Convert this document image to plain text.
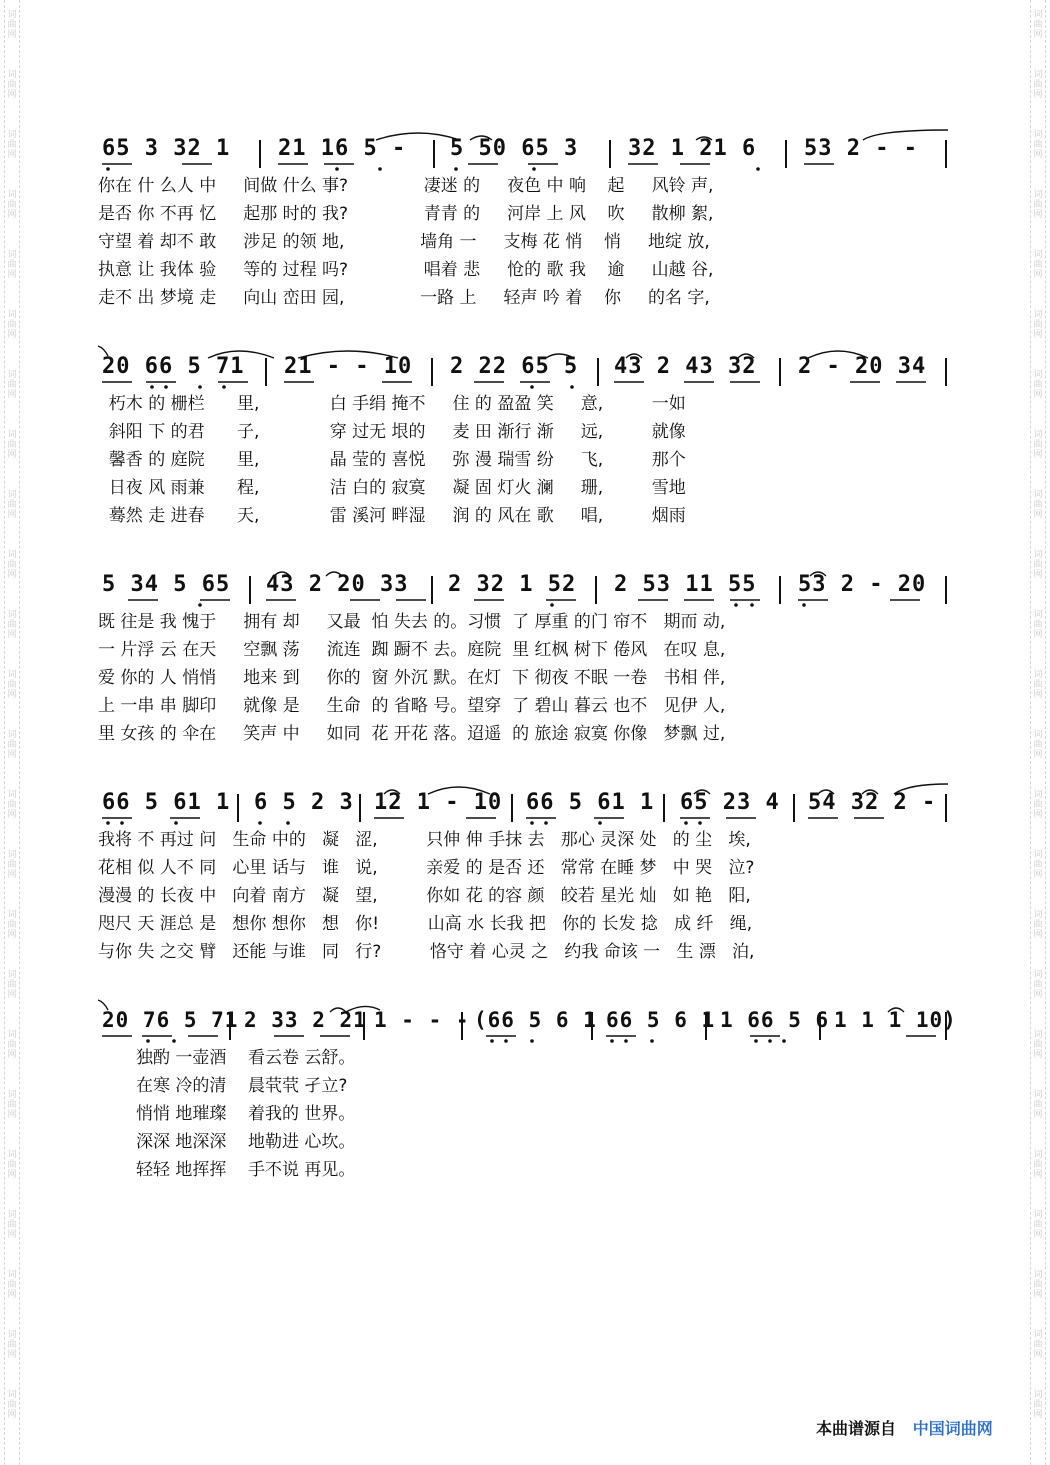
词
曲
网
词
曲
网
词
曲
网
词
曲
网
词
曲
网
词
曲
网
词
曲
网
词
曲
网
词
曲
网
词
曲
网
词
曲
网
词
曲
网
词
曲
网
词
曲
网
词
曲
网
词
曲
网
词
曲
网
词
曲
网
词
曲
网
词
曲
网
词
曲
网
词
曲
网
词
曲
网
词
曲
网
词
曲
网
词
曲
网
词
曲
网
词
曲
网
词
曲
网
词
曲
网
词
曲
网
词
曲
网
词
曲
网
词
曲
网
词
曲
网
词
曲
网
词
曲
网
词
曲
网
词
曲
网
词
曲
网
词
曲
网
词
曲
网
词
曲
网
词
曲
网
词
曲
网
词
曲
网
词
曲
网
词
曲
网

65 3 32 1

21 16 5 -

5 50 65 3

32 1 21 6

53 2 - -

你在 什 么人 中     间做 什么 事?              凄迷 的     夜色 中 响    起     风铃 声,
是否 你 不再 忆     起那 时的 我?              青青 的     河岸 上 风    吹     散柳 絮,
守望 着 却不 敢     涉足 的领 地,              墙角 一     支梅 花 悄    悄     地绽 放,
执意 让 我体 验     等的 过程 吗?              唱着 悲     怆的 歌 我    逾     山越 谷,
走不 出 梦境 走     向山 峦田 园,              一路 上     轻声 吟 着    你     的名 字,

20 66 5 71

21 - - 10

2 22 65 5

43 2 43 32

2 - 20 34

朽木 的 栅栏      里,             白 手绢 掩不     住 的 盈盈 笑     意,         一如
斜阳 下 的君      子,             穿 过无 垠的     麦 田 渐行 渐     远,         就像
馨香 的 庭院      里,             晶 莹的 喜悦     弥 漫 瑞雪 纷     飞,         那个
日夜 风 雨兼      程,             洁 白的 寂寞     凝 固 灯火 澜     珊,         雪地
蓦然 走 进春      天,             雷 溪河 畔湿     润 的 风在 歌     唱,         烟雨

5 34 5 65

43 2 20 33

2 32 1 52

2 53 11 55

53 2 - 20

既 往是 我 愧于     拥有 却     又最  怕 失去 的。习惯  了 厚重 的门 帘不   期而 动,
一 片浮 云 在天     空飘 荡     流连  踟 蹰不 去。庭院  里 红枫 树下 倦风   在叹 息,
爱 你的 人 悄悄     地来 到     你的  窗 外沉 默。在灯  下 彻夜 不眠 一卷   书相 伴,
上 一串 串 脚印     就像 是     生命  的 省略 号。望穿  了 碧山 暮云 也不   见伊 人,
里 女孩 的 伞在     笑声 中     如同  花 开花 落。迢遥  的 旅途 寂寞 你像   梦飘 过,

66 5 61 1

6 5 2 3

12 1 - 10

66 5 61 1

65 23 4

54 32 2 -

我将 不 再过 问   生命 中的   凝   涩,         只伸 伸 手抹 去   那心 灵深 处   的 尘   埃,
花相 似 人不 同   心里 话与   谁   说,         亲爱 的 是否 还   常常 在睡 梦   中 哭   泣?
漫漫 的 长夜 中   向着 南方   凝   望,         你如 花 的容 颜   皎若 星光 灿   如 艳   阳,
咫尺 天 涯总 是   想你 想你   想   你!         山高 水 长我 把   你的 长发 捻   成 纤   绳,
与你 失 之交 臂   还能 与谁   同   行?         恪守 着 心灵 之   约我 命该 一   生 漂   泊,

20 76 5 71

2 33 2 21

1 - - -

(66 5 6 1

66 5 6 1

1 66 5 6

1 1 1 10)

独酌 一壶酒    看云卷 云舒。
在寒 冷的清    晨茕茕 孑立?
悄悄 地璀璨    着我的 世界。
深深 地深深    地勒进 心坎。
轻轻 地挥挥    手不说 再见。
本曲谱源自 中国词曲网
